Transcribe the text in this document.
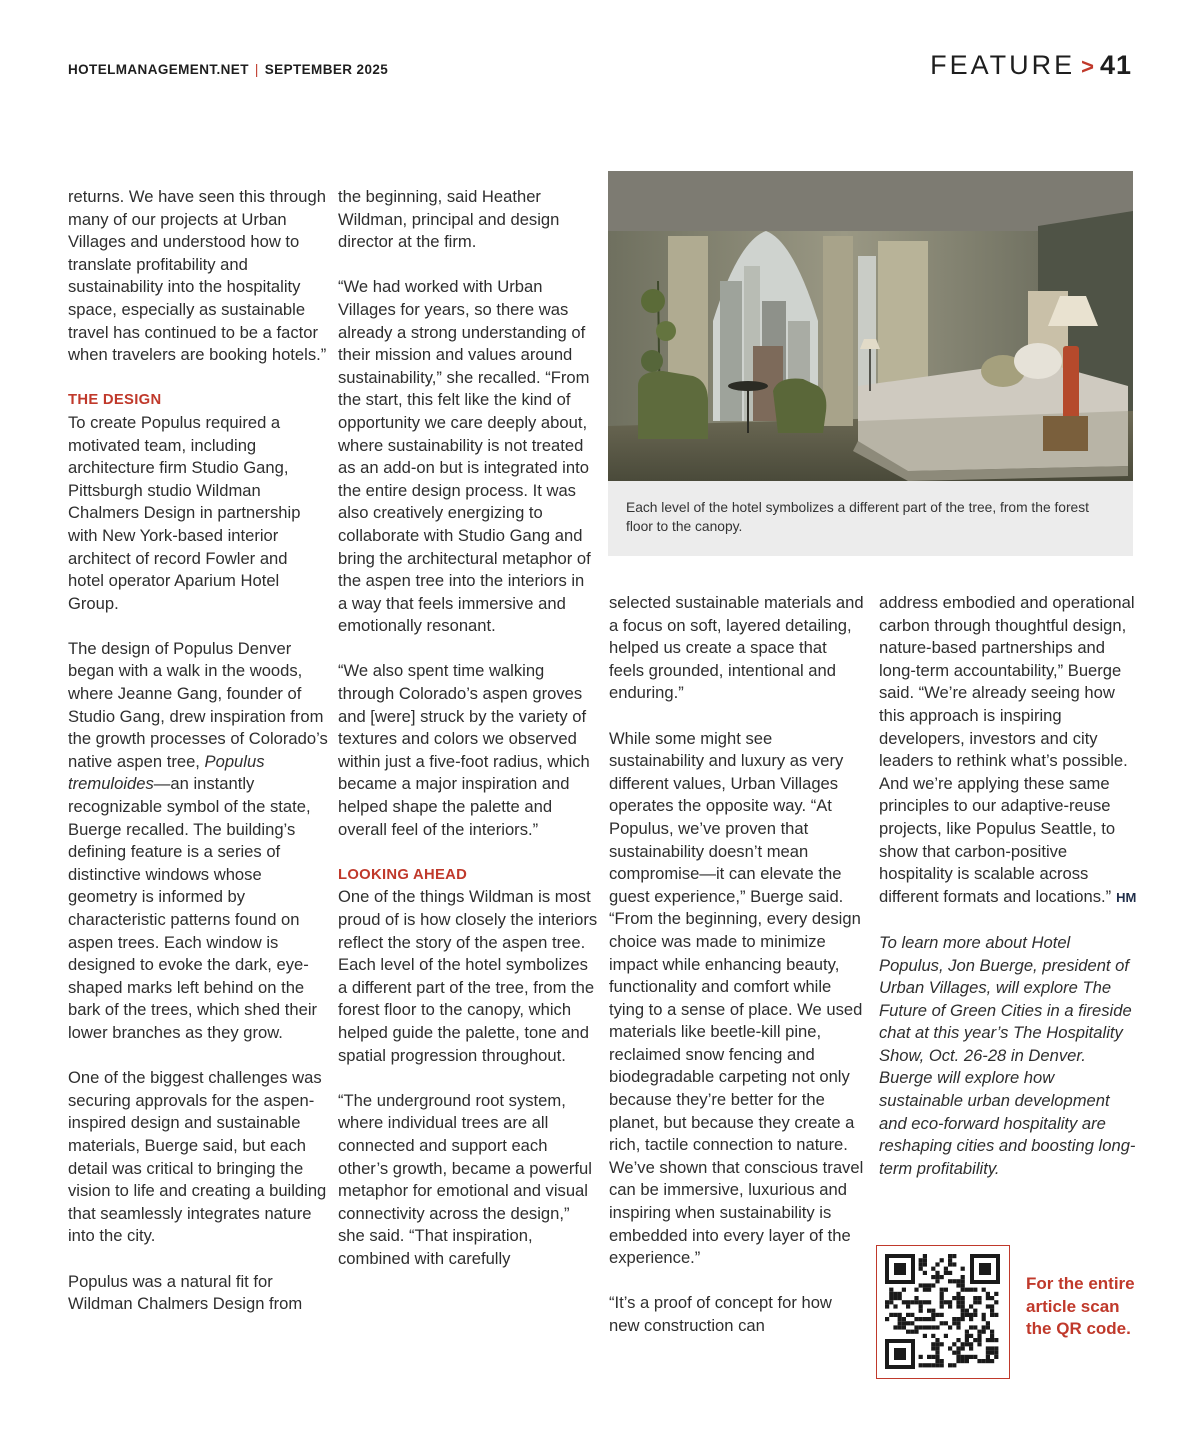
HOTELMANAGEMENT.NET | SEPTEMBER 2025	FEATURE > 41

returns. We have seen this through many of our projects at Urban Villages and understood how to translate profitability and sustainability into the hospitality space, especially as sustainable travel has continued to be a factor when travelers are booking hotels.”

THE DESIGN

To create Populus required a motivated team, including architecture firm Studio Gang, Pittsburgh studio Wildman Chalmers Design in partnership with New York-based interior architect of record Fowler and hotel operator Aparium Hotel Group.

The design of Populus Denver began with a walk in the woods, where Jeanne Gang, founder of Studio Gang, drew inspiration from the growth processes of Colorado’s native aspen tree, Populus tremuloides—an instantly recognizable symbol of the state, Buerge recalled. The building’s defining feature is a series of distinctive windows whose geometry is informed by characteristic patterns found on aspen trees. Each window is designed to evoke the dark, eye-shaped marks left behind on the bark of the trees, which shed their lower branches as they grow.

One of the biggest challenges was securing approvals for the aspen-inspired design and sustainable materials, Buerge said, but each detail was critical to bringing the vision to life and creating a building that seamlessly integrates nature into the city.

Populus was a natural fit for Wildman Chalmers Design from

the beginning, said Heather Wildman, principal and design director at the firm.

“We had worked with Urban Villages for years, so there was already a strong understanding of their mission and values around sustainability,” she recalled. “From the start, this felt like the kind of opportunity we care deeply about, where sustainability is not treated as an add-on but is integrated into the entire design process. It was also creatively energizing to collaborate with Studio Gang and bring the architectural metaphor of the aspen tree into the interiors in a way that feels immersive and emotionally resonant.

“We also spent time walking through Colorado’s aspen groves and [were] struck by the variety of textures and colors we observed within just a five-foot radius, which became a major inspiration and helped shape the palette and overall feel of the interiors.”

LOOKING AHEAD

One of the things Wildman is most proud of is how closely the interiors reflect the story of the aspen tree. Each level of the hotel symbolizes a different part of the tree, from the forest floor to the canopy, which helped guide the palette, tone and spatial progression throughout.

“The underground root system, where individual trees are all connected and support each other’s growth, became a powerful metaphor for emotional and visual connectivity across the design,” she said. “That inspiration, combined with carefully

Each level of the hotel symbolizes a different part of the tree, from the forest floor to the canopy.

selected sustainable materials and a focus on soft, layered detailing, helped us create a space that feels grounded, intentional and enduring.”

While some might see sustainability and luxury as very different values, Urban Villages operates the opposite way. “At Populus, we’ve proven that sustainability doesn’t mean compromise—it can elevate the guest experience,” Buerge said. “From the beginning, every design choice was made to minimize impact while enhancing beauty, functionality and comfort while tying to a sense of place. We used materials like beetle-kill pine, reclaimed snow fencing and biodegradable carpeting not only because they’re better for the planet, but because they create a rich, tactile connection to nature. We’ve shown that conscious travel can be immersive, luxurious and inspiring when sustainability is embedded into every layer of the experience.”

“It’s a proof of concept for how new construction can

address embodied and operational carbon through thoughtful design, nature-based partnerships and long-term accountability,” Buerge said. “We’re already seeing how this approach is inspiring developers, investors and city leaders to rethink what’s possible. And we’re applying these same principles to our adaptive-reuse projects, like Populus Seattle, to show that carbon-positive hospitality is scalable across different formats and locations.” HM

To learn more about Hotel Populus, Jon Buerge, president of Urban Villages, will explore The Future of Green Cities in a fireside chat at this year’s The Hospitality Show, Oct. 26-28 in Denver. Buerge will explore how sustainable urban development and eco-forward hospitality are reshaping cities and boosting long-term profitability.

For the entire article scan the QR code.
